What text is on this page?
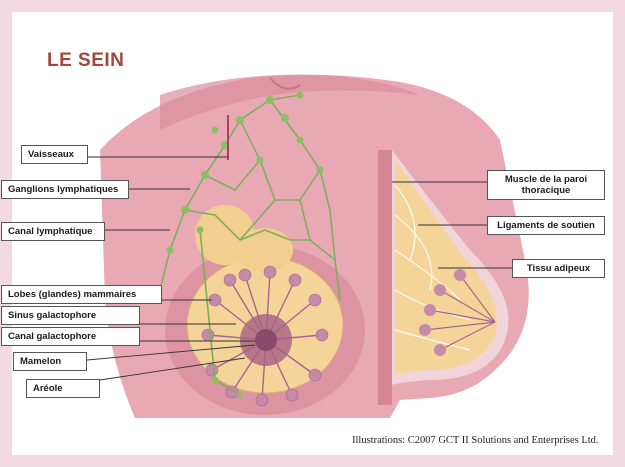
LE SEIN
Vaisseaux
Ganglions lymphatiques
Canal lymphatique
Lobes (glandes) mammaires
Sinus galactophore
Canal galactophore
Mamelon
Aréole
Muscle de la paroi thoracique
Ligaments de soutien
Tissu adipeux
Illustrations: C2007 GCT II Solutions and Enterprises Ltd.
